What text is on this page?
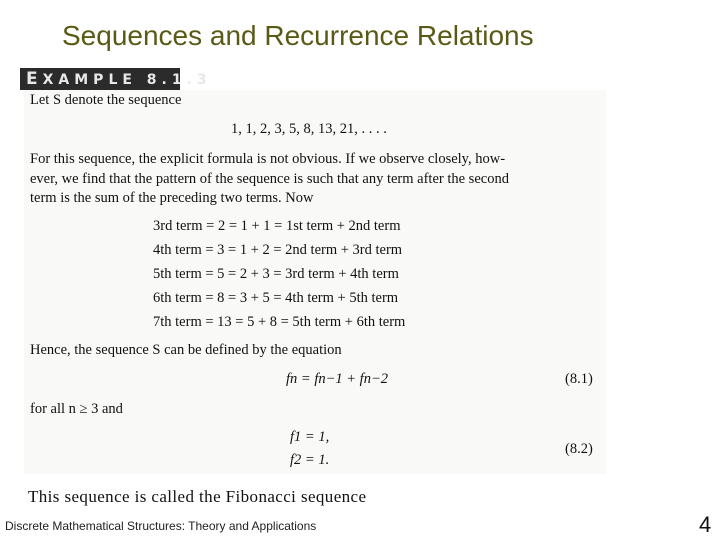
Sequences and Recurrence Relations
EXAMPLE 8.1.3
Let S denote the sequence
1, 1, 2, 3, 5, 8, 13, 21, . . . .
For this sequence, the explicit formula is not obvious. If we observe closely, how-
ever, we find that the pattern of the sequence is such that any term after the second
term is the sum of the preceding two terms. Now
3rd term = 2 = 1 + 1 = 1st term + 2nd term
4th term = 3 = 1 + 2 = 2nd term + 3rd term
5th term = 5 = 2 + 3 = 3rd term + 4th term
6th term = 8 = 3 + 5 = 4th term + 5th term
7th term = 13 = 5 + 8 = 5th term + 6th term
Hence, the sequence S can be defined by the equation
fn = fn−1 + fn−2	(8.1)
for all n ≥ 3 and
f1 = 1,
f2 = 1.
(8.2)
This sequence is called the Fibonacci sequence
Discrete Mathematical Structures: Theory and Applications	4
